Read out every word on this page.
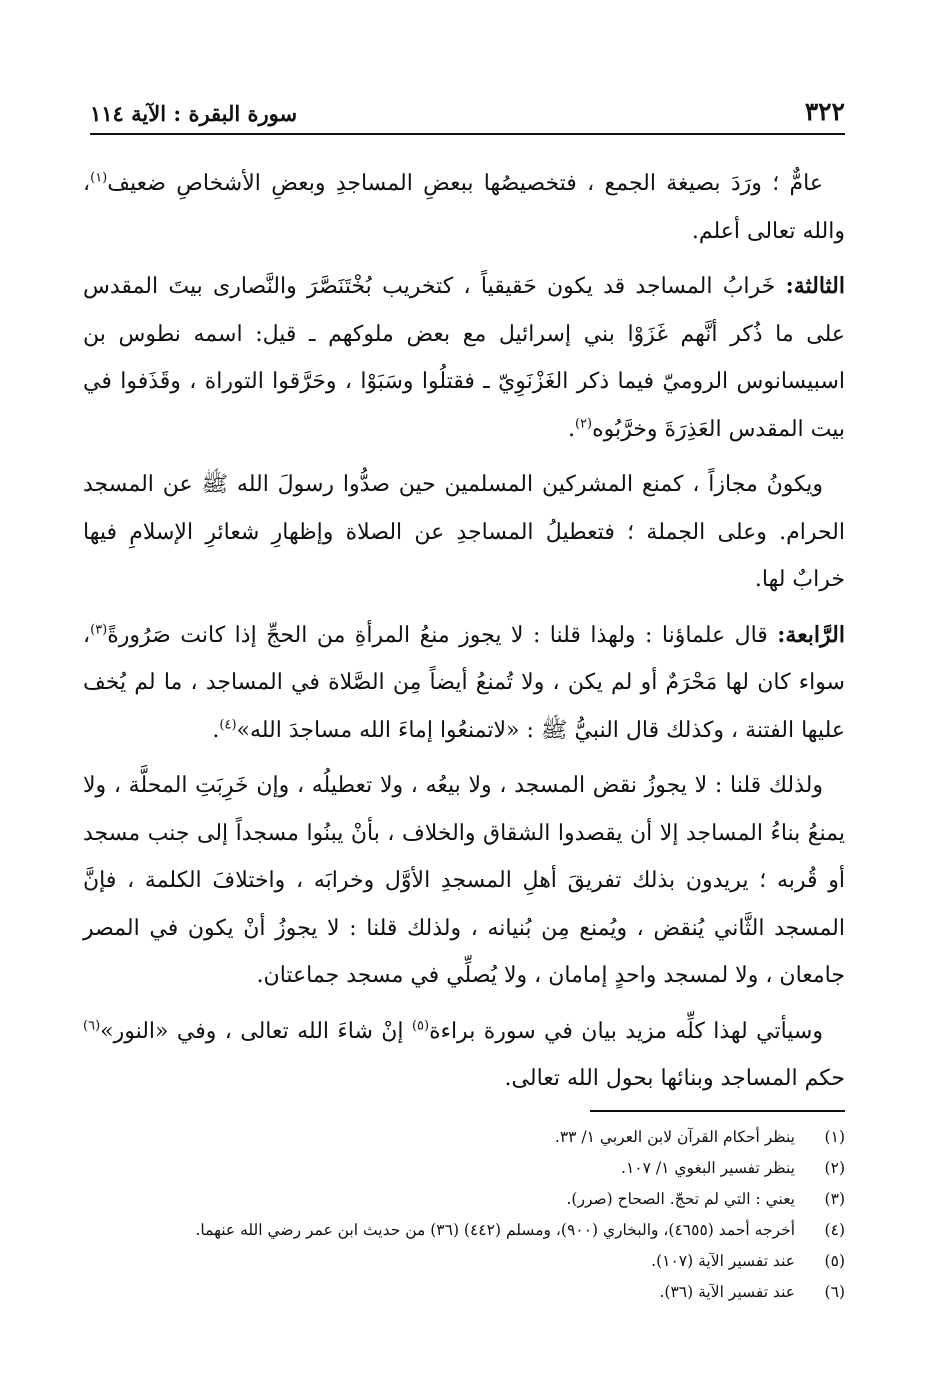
٣٢٢
سورة البقرة : الآية ١١٤

عامٌّ ؛ ورَدَ بصيغة الجمع ، فتخصيصُها ببعضِ المساجدِ وبعضِ الأشخاصِ ضعيف$^{(١)}$، والله تعالى أعلم.

الثالثة: خَرابُ المساجد قد يكون حَقيقياً ، كتخريب بُخْتَنَصَّرَ والنَّصارى بيتَ المقدس على ما ذُكر أنَّهم غَزَوْا بني إسرائيل مع بعض ملوكهم ـ قيل: اسمه نطوس بن اسبيسانوس الروميّ فيما ذكر الغَزْنَوِيّ ـ فقتلُوا وسَبَوْا ، وحَرَّقوا التوراة ، وقَذَفوا في بيت المقدس العَذِرَةَ وخرَّبُوه$^{(٢)}$.

ويكونُ مجازاً ، كمنع المشركين المسلمين حين صدُّوا رسولَ الله ﷺ عن المسجد الحرام. وعلى الجملة ؛ فتعطيلُ المساجدِ عن الصلاة وإظهارِ شعائرِ الإسلامِ فيها خرابٌ لها.

الرَّابعة: قال علماؤنا : ولهذا قلنا : لا يجوز منعُ المرأةِ من الحجِّ إذا كانت صَرُورةً$^{(٣)}$، سواء كان لها مَحْرَمٌ أو لم يكن ، ولا تُمنعُ أيضاً مِن الصَّلاة في المساجد ، ما لم يُخف عليها الفتنة ، وكذلك قال النبيُّ ﷺ : «لاتمنعُوا إماءَ الله مساجدَ الله»$^{(٤)}$.

ولذلك قلنا : لا يجوزُ نقض المسجد ، ولا بيعُه ، ولا تعطيلُه ، وإن خَرِبَتِ المحلَّة ، ولا يمنعُ بناءُ المساجد إلا أن يقصدوا الشقاق والخلاف ، بأنْ يبنُوا مسجداً إلى جنب مسجد أو قُربه ؛ يريدون بذلك تفريقَ أهلِ المسجدِ الأوَّل وخرابَه ، واختلافَ الكلمة ، فإنَّ المسجد الثَّاني يُنقض ، ويُمنع مِن بُنيانه ، ولذلك قلنا : لا يجوزُ أنْ يكون في المصر جامعان ، ولا لمسجد واحدٍ إمامان ، ولا يُصلِّي في مسجد جماعتان.

وسيأتي لهذا كلِّه مزيد بيان في سورة براءة$^{(٥)}$ إنْ شاءَ الله تعالى ، وفي «النور»$^{(٦)}$ حكم المساجد وبنائها بحول الله تعالى.

(١)
ينظر أحكام القرآن لابن العربي ١/ ٣٣.
(٢)
ينظر تفسير البغوي ١/ ١٠٧.
(٣)
يعني : التي لم تحجّ. الصحاح (صرر).
(٤)
أخرجه أحمد (٤٦٥٥)، والبخاري (٩٠٠)، ومسلم (٤٤٢) (٣٦) من حديث ابن عمر رضي الله عنهما.
(٥)
عند تفسير الآية (١٠٧).
(٦)
عند تفسير الآية (٣٦).
